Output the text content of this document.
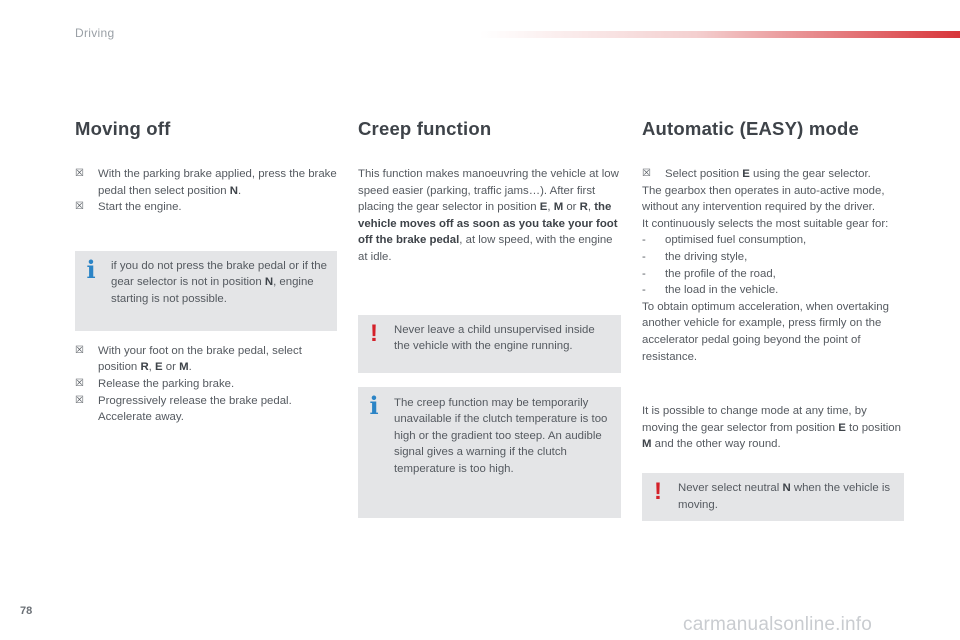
Driving
Moving off
☒ With the parking brake applied, press the brake pedal then select position N.
☒ Start the engine.
i if you do not press the brake pedal or if the gear selector is not in position N, engine starting is not possible.
☒ With your foot on the brake pedal, select position R, E or M.
☒ Release the parking brake.
☒ Progressively release the brake pedal. Accelerate away.
Creep function

This function makes manoeuvring the vehicle at low speed easier (parking, traffic jams…). After first placing the gear selector in position E, M or R, the vehicle moves off as soon as you take your foot off the brake pedal, at low speed, with the engine at idle.

! Never leave a child unsupervised inside the vehicle with the engine running.
i The creep function may be temporarily unavailable if the clutch temperature is too high or the gradient too steep. An audible signal gives a warning if the clutch temperature is too high.
Automatic (EASY) mode
☒ Select position E using the gear selector.

The gearbox then operates in auto-active mode, without any intervention required by the driver.

It continuously selects the most suitable gear for:

- optimised fuel consumption,
- the driving style,
- the profile of the road,
- the load in the vehicle.

To obtain optimum acceleration, when overtaking another vehicle for example, press firmly on the accelerator pedal going beyond the point of resistance.

It is possible to change mode at any time, by moving the gear selector from position E to position M and the other way round.

! Never select neutral N when the vehicle is moving.
78
carmanualsonline.info
